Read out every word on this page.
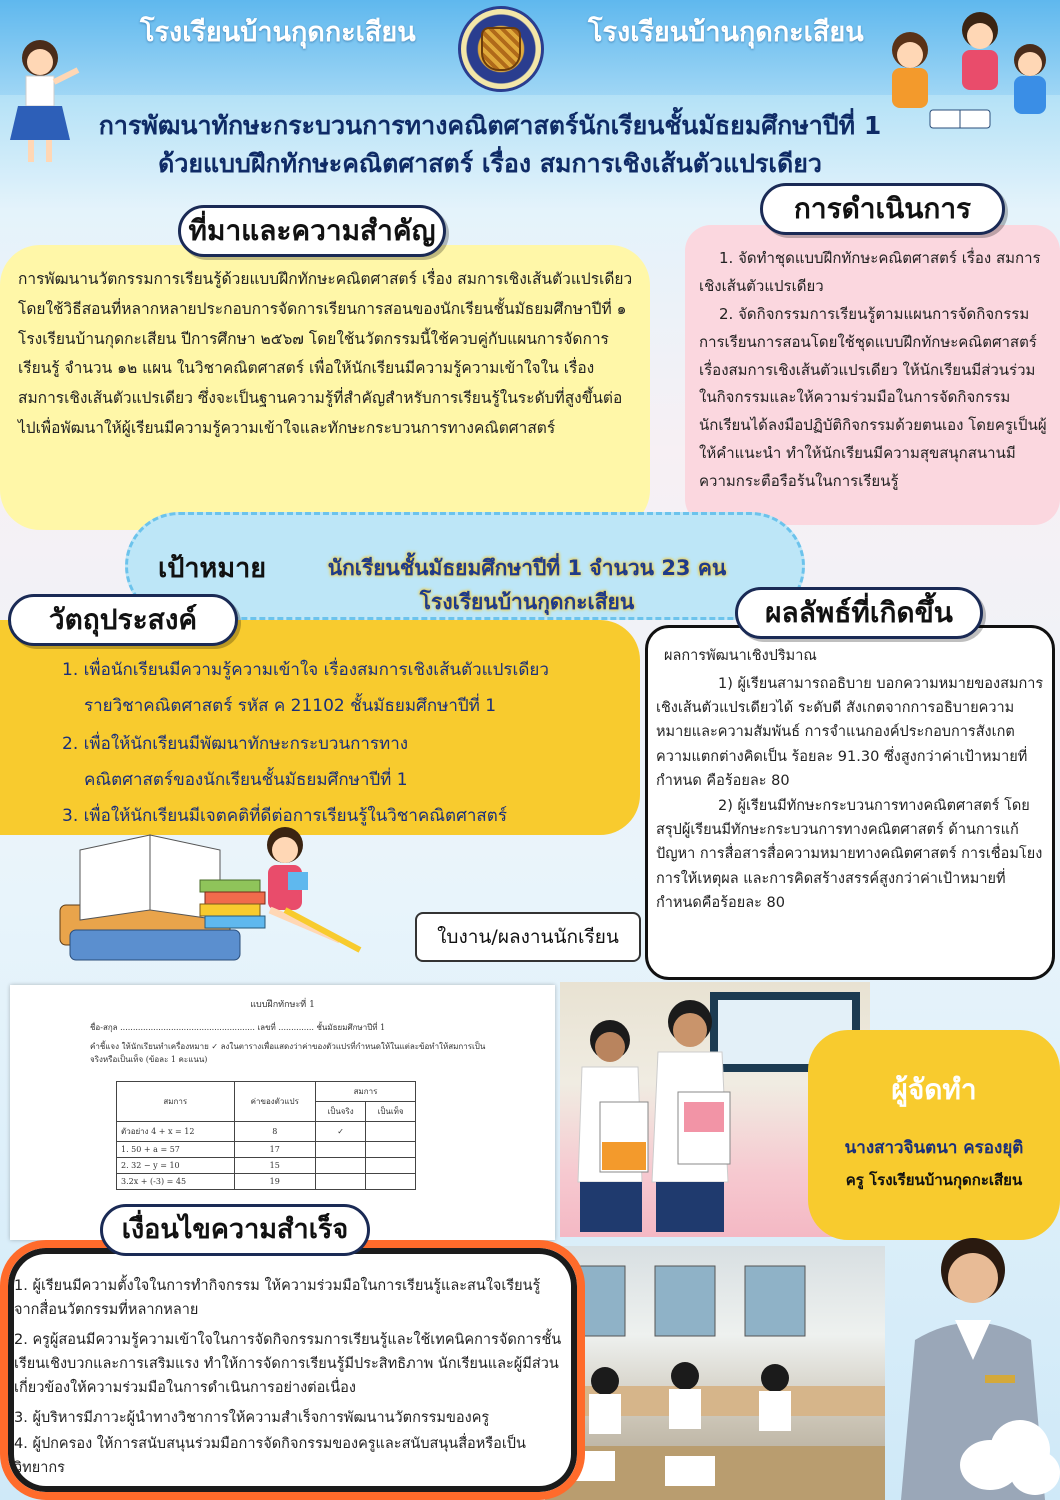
โรงเรียนบ้านกุดกะเสียน	โรงเรียนบ้านกุดกะเสียน
การพัฒนาทักษะกระบวนการทางคณิตศาสตร์นักเรียนชั้นมัธยมศึกษาปีที่ 1
ด้วยแบบฝึกทักษะคณิตศาสตร์ เรื่อง สมการเชิงเส้นตัวแปรเดียว
การพัฒนานวัตกรรมการเรียนรู้ด้วยแบบฝึกทักษะคณิตศาสตร์ เรื่อง สมการเชิงเส้นตัวแปรเดียว โดยใช้วิธีสอนที่หลากหลายประกอบการจัดการเรียนการสอนของนักเรียนชั้นมัธยมศึกษาปีที่ ๑ โรงเรียนบ้านกุดกะเสียน ปีการศึกษา ๒๕๖๗ โดยใช้นวัตกรรมนี้ใช้ควบคู่กับแผนการจัดการเรียนรู้ จำนวน ๑๒ แผน ในวิชาคณิตศาสตร์ เพื่อให้นักเรียนมีความรู้ความเข้าใจใน เรื่อง สมการเชิงเส้นตัวแปรเดียว ซึ่งจะเป็นฐานความรู้ที่สำคัญสำหรับการเรียนรู้ในระดับที่สูงขึ้นต่อไปเพื่อพัฒนาให้ผู้เรียนมีความรู้ความเข้าใจและทักษะกระบวนการทางคณิตศาสตร์
ที่มาและความสำคัญ
1. จัดทำชุดแบบฝึกทักษะคณิตศาสตร์ เรื่อง สมการเชิงเส้นตัวแปรเดียว
2. จัดกิจกรรมการเรียนรู้ตามแผนการจัดกิจกรรมการเรียนการสอนโดยใช้ชุดแบบฝึกทักษะคณิตศาสตร์ เรื่องสมการเชิงเส้นตัวแปรเดียว ให้นักเรียนมีส่วนร่วมในกิจกรรมและให้ความร่วมมือในการจัดกิจกรรม นักเรียนได้ลงมือปฏิบัติกิจกรรมด้วยตนเอง โดยครูเป็นผู้ให้คำแนะนำ ทำให้นักเรียนมีความสุขสนุกสนานมีความกระตือรือร้นในการเรียนรู้
การดำเนินการ
เป้าหมาย	นักเรียนชั้นมัธยมศึกษาปีที่ 1 จำนวน 23 คน
โรงเรียนบ้านกุดกะเสียน
1. เพื่อนักเรียนมีความรู้ความเข้าใจ เรื่องสมการเชิงเส้นตัวแปรเดียว
รายวิชาคณิตศาสตร์ รหัส ค 21102 ชั้นมัธยมศึกษาปีที่ 1
2. เพื่อให้นักเรียนมีพัฒนาทักษะกระบวนการทาง
คณิตศาสตร์ของนักเรียนชั้นมัธยมศึกษาปีที่ 1
3. เพื่อให้นักเรียนมีเจตคติที่ดีต่อการเรียนรู้ในวิชาคณิตศาสตร์
วัตถุประสงค์
ผลการพัฒนาเชิงปริมาณ
1) ผู้เรียนสามารถอธิบาย บอกความหมายของสมการเชิงเส้นตัวแปรเดียวได้ ระดับดี สังเกตจากการอธิบายความหมายและความสัมพันธ์ การจำแนกองค์ประกอบการสังเกตความแตกต่างคิดเป็น ร้อยละ 91.30 ซึ่งสูงกว่าค่าเป้าหมายที่กำหนด คือร้อยละ 80
2) ผู้เรียนมีทักษะกระบวนการทางคณิตศาสตร์ โดยสรุปผู้เรียนมีทักษะกระบวนการทางคณิตศาสตร์ ด้านการแก้ปัญหา การสื่อสารสื่อความหมายทางคณิตศาสตร์ การเชื่อมโยง การให้เหตุผล และการคิดสร้างสรรค์สูงกว่าค่าเป้าหมายที่กำหนดคือร้อยละ 80
ผลลัพธ์ที่เกิดขึ้น
ใบงาน/ผลงานนักเรียน
แบบฝึกทักษะที่ 1
ชื่อ-สกุล ..................................................... เลขที่ .............. ชั้นมัธยมศึกษาปีที่ 1
คำชี้แจง ให้นักเรียนทำเครื่องหมาย ✓ ลงในตารางเพื่อแสดงว่าค่าของตัวแปรที่กำหนดให้ในแต่ละข้อทำให้สมการเป็นจริงหรือเป็นเท็จ (ข้อละ 1 คะแนน)
สมการ	ค่าของตัวแปร	สมการ	
		เป็นจริง	เป็นเท็จ
ตัวอย่าง 4 + x = 12	8	✓	
1. 50 + a = 57	17		
2. 32 − y = 10	15		
3.2x + (-3) = 45	19		
ผู้จัดทำ
นางสาวจินตนา ครองยุติ
ครู โรงเรียนบ้านกุดกะเสียน
1. ผู้เรียนมีความตั้งใจในการทำกิจกรรม ให้ความร่วมมือในการเรียนรู้และสนใจเรียนรู้จากสื่อนวัตกรรมที่หลากหลาย
2. ครูผู้สอนมีความรู้ความเข้าใจในการจัดกิจกรรมการเรียนรู้และใช้เทคนิคการจัดการชั้นเรียนเชิงบวกและการเสริมแรง ทำให้การจัดการเรียนรู้มีประสิทธิภาพ นักเรียนและผู้มีส่วนเกี่ยวข้องให้ความร่วมมือในการดำเนินการอย่างต่อเนื่อง
3. ผู้บริหารมีภาวะผู้นำทางวิชาการให้ความสำเร็จการพัฒนานวัตกรรมของครู
4. ผู้ปกครอง ให้การสนับสนุนร่วมมือการจัดกิจกรรมของครูและสนับสนุนสื่อหรือเป็นวิทยากร
เงื่อนไขความสำเร็จ
